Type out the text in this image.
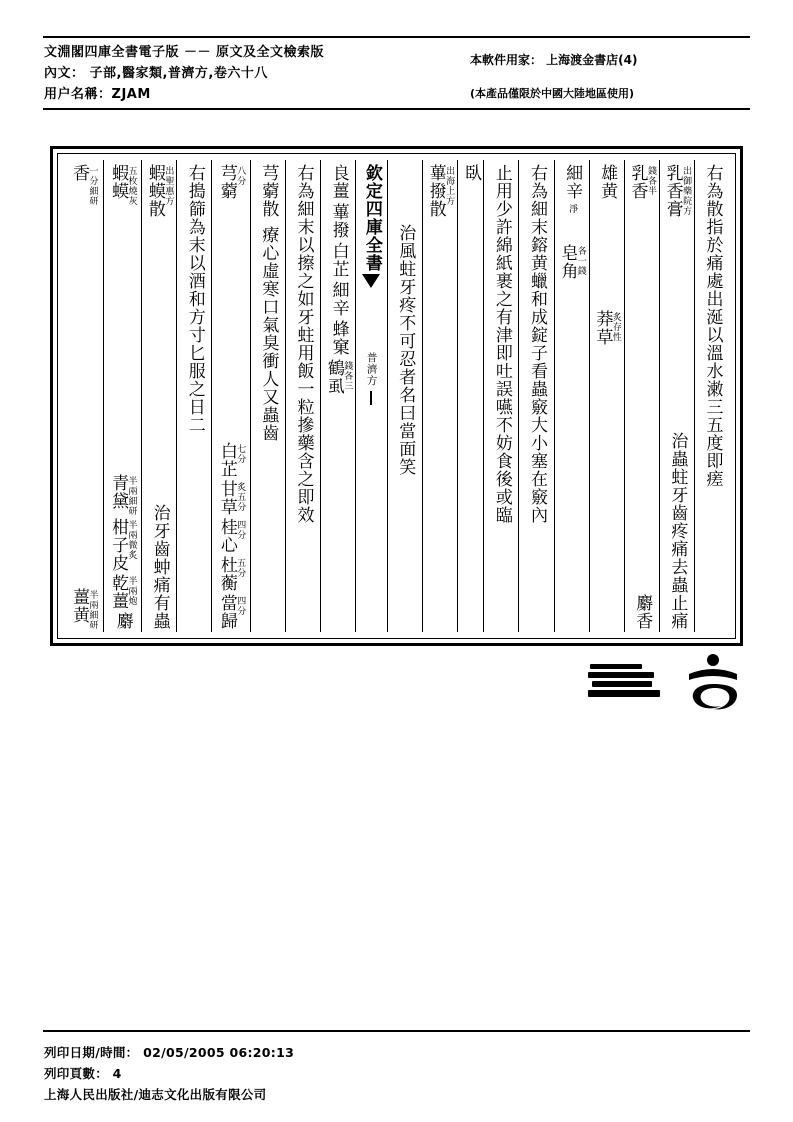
文淵閣四庫全書電子版 －－ 原文及全文檢索版
內文： 子部,醫家類,普濟方,卷六十八
用户名稱：ZJAM
本軟件用家： 上海渡金書店(4)
(本產品僅限於中國大陸地區使用)
右為散指於痛處出涎以溫水潄三五度即瘥
乳香膏
出御藥
院方
治蟲蛀牙齒疼痛去蟲止痛
乳香
錢
各半
麝香
雄黄
莽草
炙
存性
細辛
淨
皂角
各
一錢
右為細末鎔黄蠟和成錠子看蟲竅大小塞在竅內
止用少許綿紙裹之有津即吐誤嚥不妨食後或臨
臥
蓽撥散
出海
上方
治風蛀牙疼不可忍者名曰當面笑
欽定四庫全書
普濟方
良薑
蓽撥
白芷
細辛
蜂窠
鶴虱
錢
各三
右為細末以擦之如牙蛀用飯一粒摻藥含之即效
芎藭散
療心虛寒口氣臭衝人又蟲齒
芎藭
八
分
白芷
七
分
甘草
炙
五分
桂心
四
分
杜蘅
五
分
當歸
四
分
右搗篩為末以酒和方寸匕服之日二
蝦蟆散
出聖
惠方
治牙齒蚛痛有蟲
蝦蟆
五枚
燒灰
青黛
半兩
細研
柑子皮
半兩
微炙
乾薑
半兩
炮
麝
香
一分
細研
薑黄
半兩
細研
列印日期/時間： 02/05/2005 06:20:13
列印頁數： 4
上海人民出版社/迪志文化出版有限公司
